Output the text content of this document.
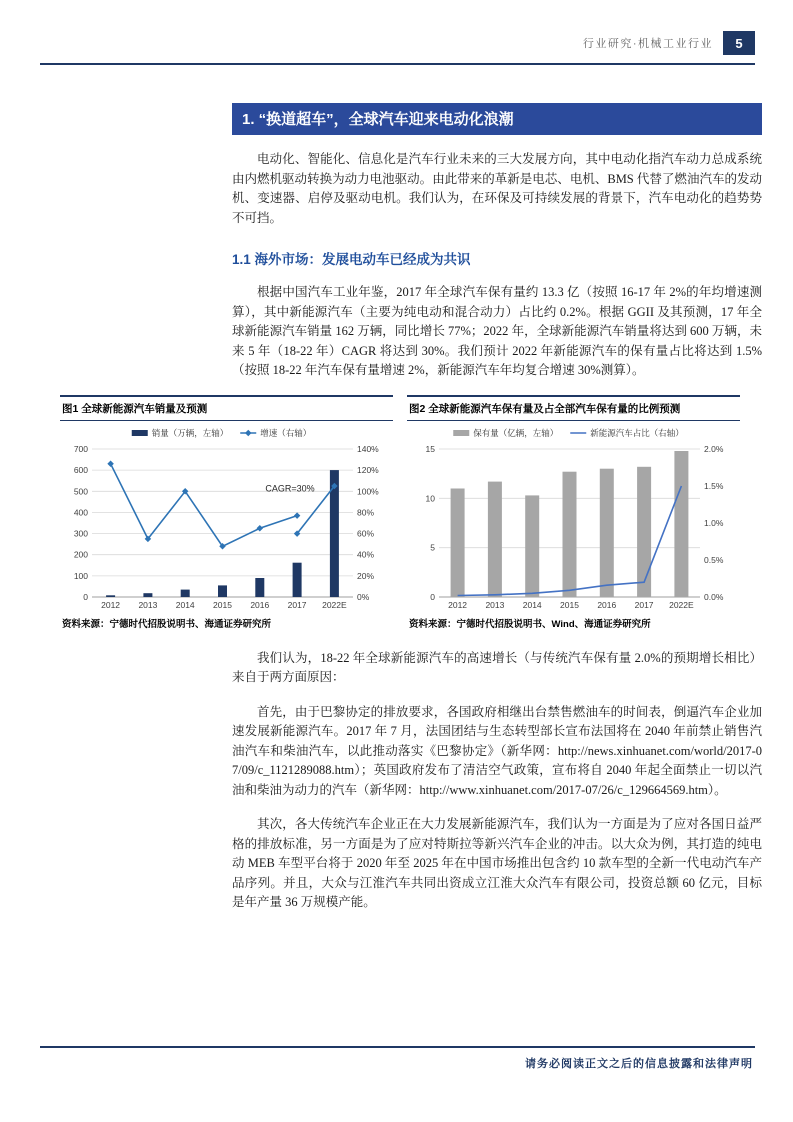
行业研究·机械工业行业	5
1. “换道超车”，全球汽车迎来电动化浪潮

电动化、智能化、信息化是汽车行业未来的三大发展方向，其中电动化指汽车动力总成系统由内燃机驱动转换为动力电池驱动。由此带来的革新是电芯、电机、BMS 代替了燃油汽车的发动机、变速器、启停及驱动电机。我们认为，在环保及可持续发展的背景下，汽车电动化的趋势势不可挡。

1.1 海外市场：发展电动车已经成为共识

根据中国汽车工业年鉴，2017 年全球汽车保有量约 13.3 亿（按照 16-17 年 2%的年均增速测算），其中新能源汽车（主要为纯电动和混合动力）占比约 0.2%。根据 GGII 及其预测，17 年全球新能源汽车销量 162 万辆，同比增长 77%；2022 年，全球新能源汽车销量将达到 600 万辆，未来 5 年（18-22 年）CAGR 将达到 30%。我们预计 2022 年新能源汽车的保有量占比将达到 1.5%（按照 18-22 年汽车保有量增速 2%，新能源汽车年均复合增速 30%测算）。

图1 全球新能源汽车销量及预测
0
100
200
300
400
500
600
700
0%
20%
40%
60%
80%
100%
120%
140%
2012 2013 2014 2015 2016 2017 2022E
CAGR=30%
销量（万辆，左轴）	增速（右轴）
资料来源：宁德时代招股说明书、海通证券研究所
图2 全球新能源汽车保有量及占全部汽车保有量的比例预测
0
5
10
15
0.0%
0.5%
1.0%
1.5%
2.0%
2012 2013 2014 2015 2016 2017 2022E
保有量（亿辆，左轴）	新能源汽车占比（右轴）
资料来源：宁德时代招股说明书、Wind、海通证券研究所

我们认为，18-22 年全球新能源汽车的高速增长（与传统汽车保有量 2.0%的预期增长相比）来自于两方面原因：

首先，由于巴黎协定的排放要求，各国政府相继出台禁售燃油车的时间表，倒逼汽车企业加速发展新能源汽车。2017 年 7 月，法国团结与生态转型部长宣布法国将在 2040 年前禁止销售汽油汽车和柴油汽车，以此推动落实《巴黎协定》（新华网：http://news.xinhuanet.com/world/2017-07/09/c_1121289088.htm）；英国政府发布了清洁空气政策，宣布将自 2040 年起全面禁止一切以汽油和柴油为动力的汽车（新华网：http://www.xinhuanet.com/2017-07/26/c_129664569.htm）。

其次，各大传统汽车企业正在大力发展新能源汽车，我们认为一方面是为了应对各国日益严格的排放标准，另一方面是为了应对特斯拉等新兴汽车企业的冲击。以大众为例，其打造的纯电动 MEB 车型平台将于 2020 年至 2025 年在中国市场推出包含约 10 款车型的全新一代电动汽车产品序列。并且，大众与江淮汽车共同出资成立江淮大众汽车有限公司，投资总额 60 亿元，目标是年产量 36 万规模产能。

请务必阅读正文之后的信息披露和法律声明
